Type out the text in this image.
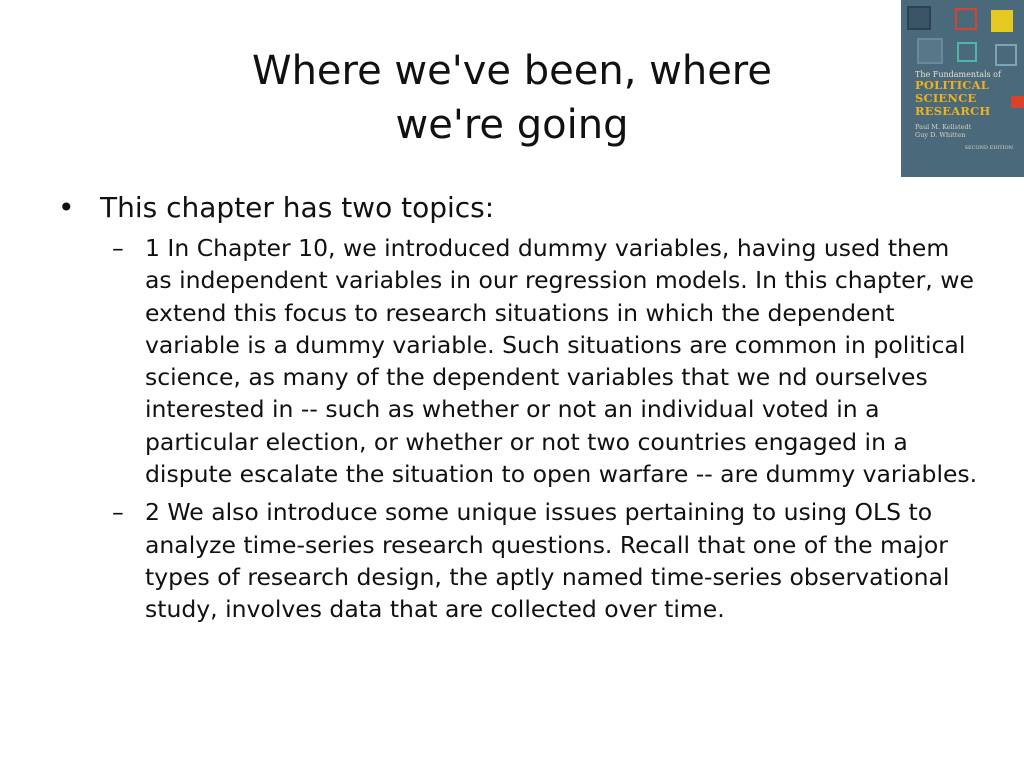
Where we've been, where
we're going
The Fundamentals of
POLITICAL
SCIENCE
RESEARCH
Paul M. Kellstedt
Guy D. Whitten
SECOND EDITION
• This chapter has two topics:
– 1 In Chapter 10, we introduced dummy variables, having used them as independent variables in our regression models. In this chapter, we extend this focus to research situations in which the dependent variable is a dummy variable. Such situations are common in political science, as many of the dependent variables that we nd ourselves interested in -- such as whether or not an individual voted in a particular election, or whether or not two countries engaged in a dispute escalate the situation to open warfare -- are dummy variables.
– 2 We also introduce some unique issues pertaining to using OLS to analyze time-series research questions. Recall that one of the major types of research design, the aptly named time-series observational study, involves data that are collected over time.
